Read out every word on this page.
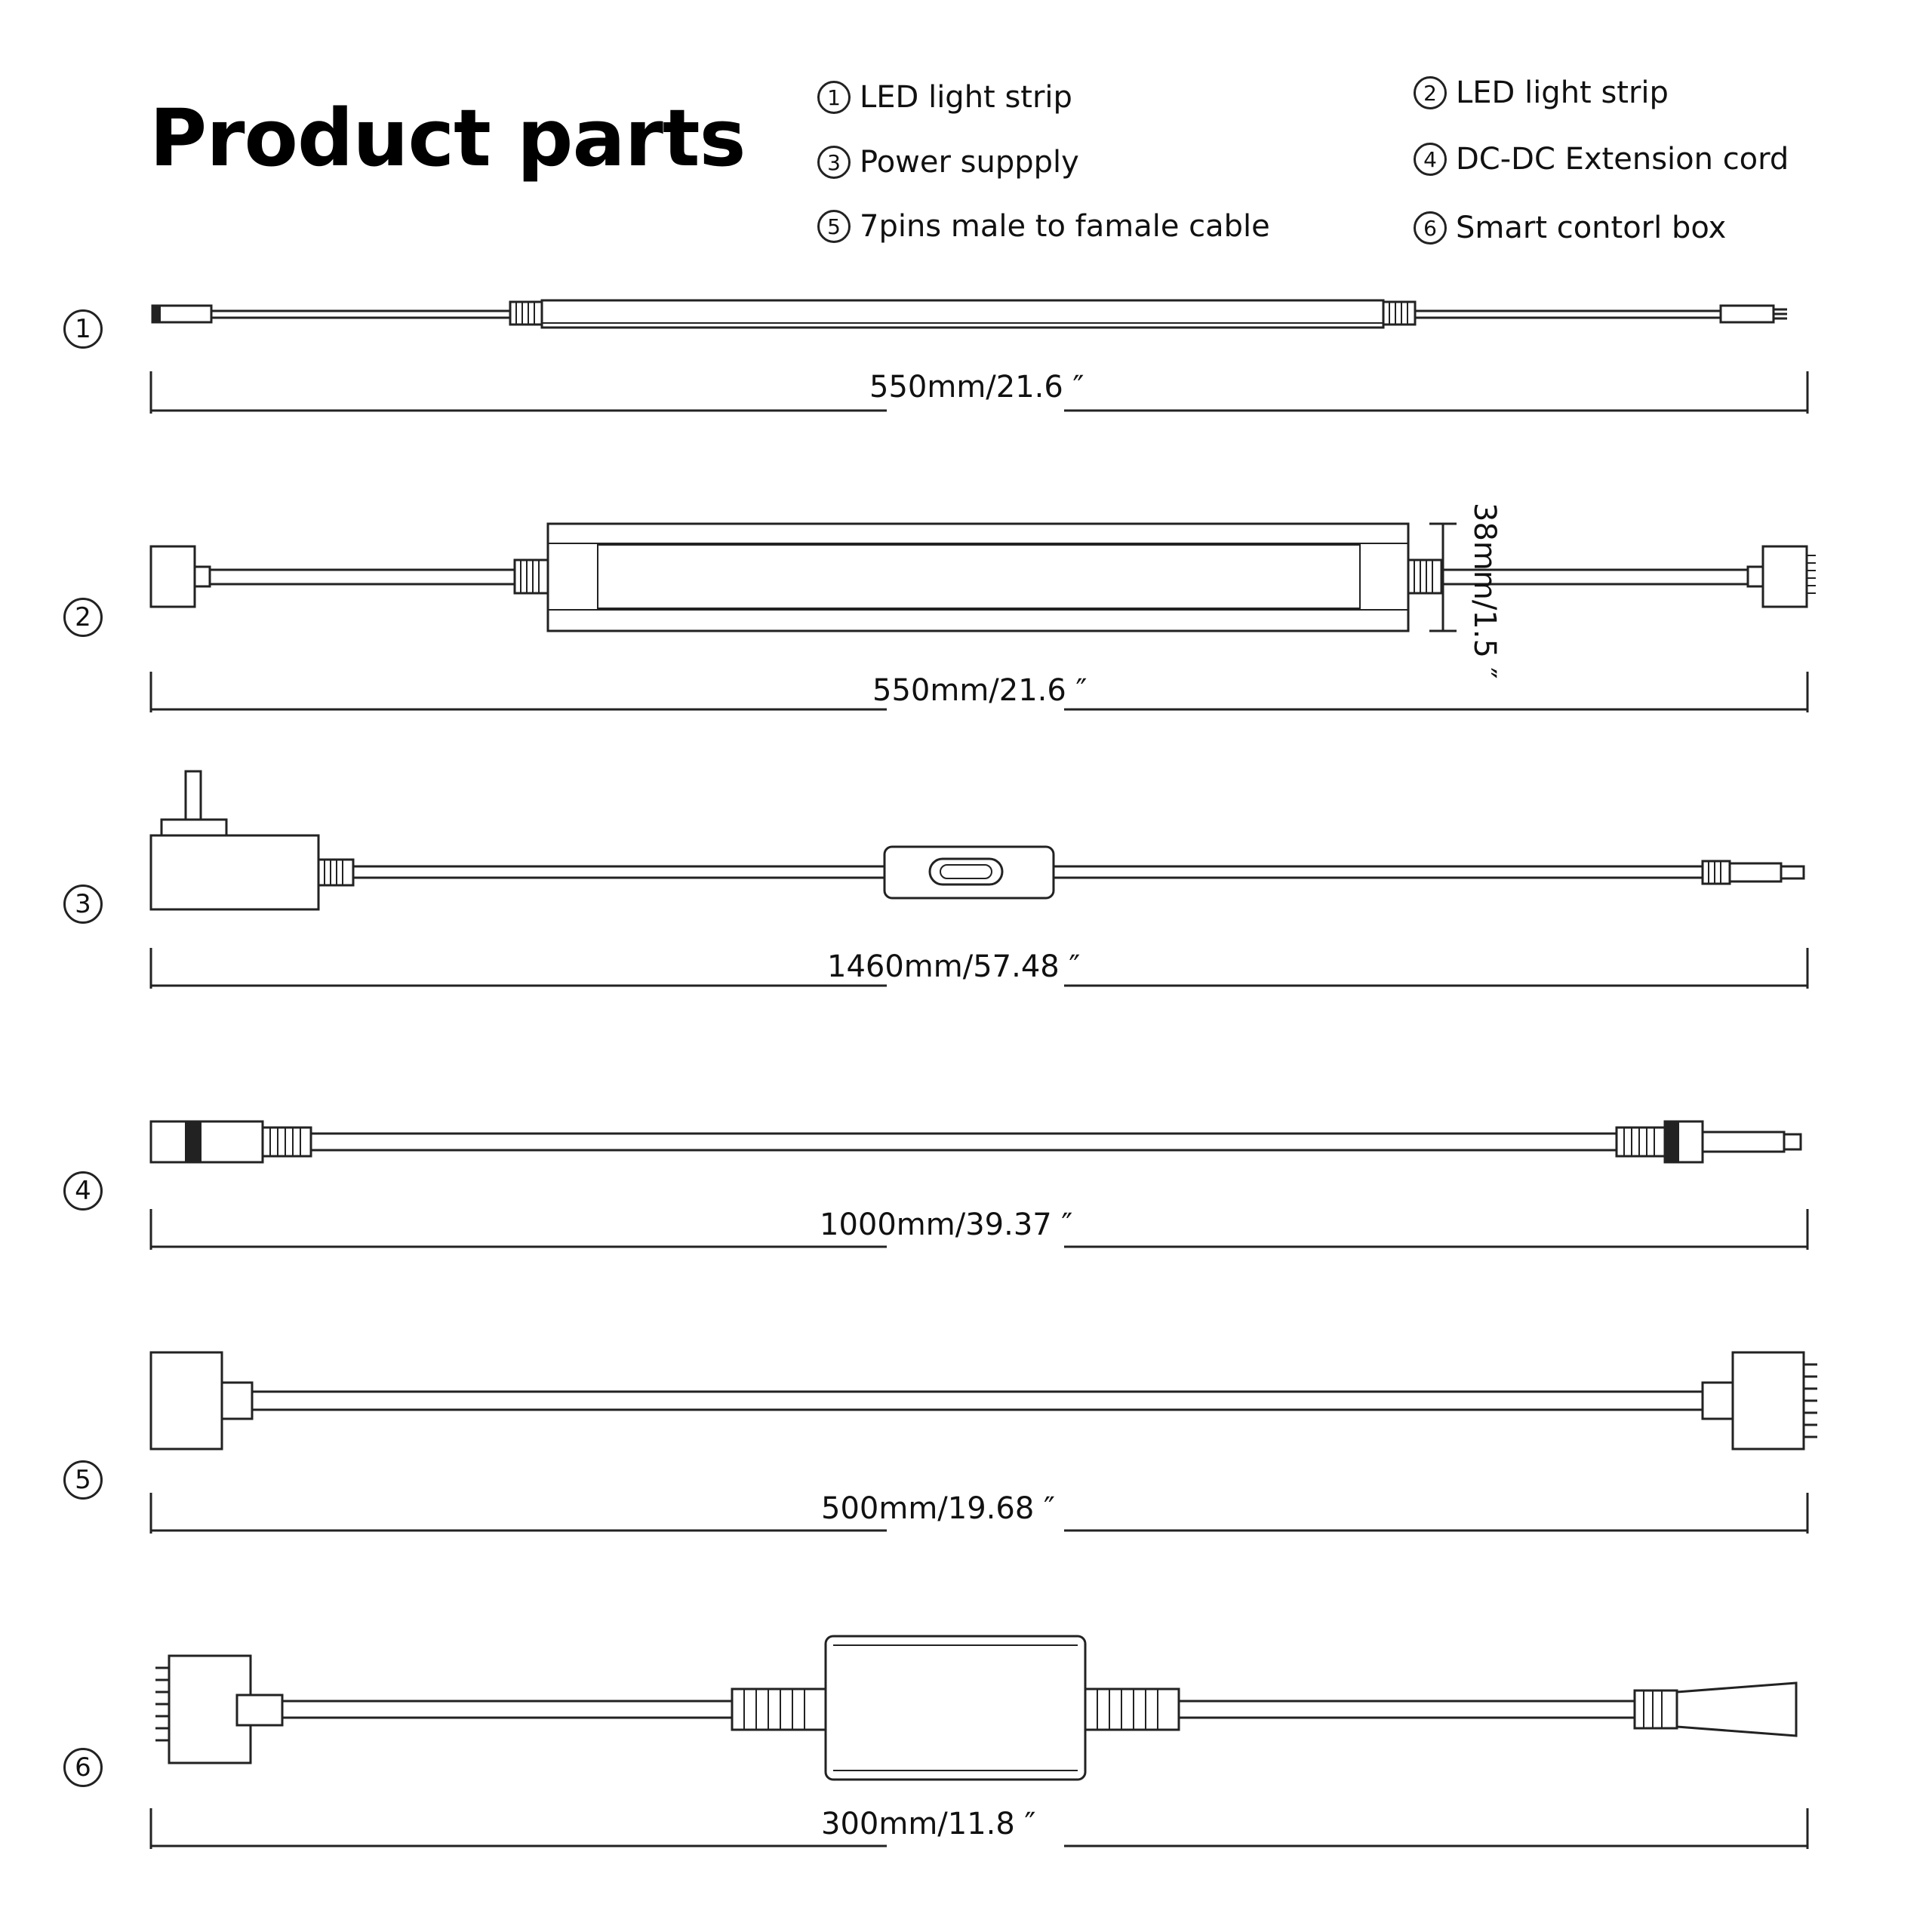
Product parts	1 LED light strip	2 LED light strip
3 Power suppply	4 DC-DC Extension cord
5 7pins male to famale cable	6 Smart contorl box
1
2
3
4
5
6
550mm/21.6 ″
550mm/21.6 ″
38mm/1.5 ″
1460mm/57.48 ″
1000mm/39.37 ″
500mm/19.68 ″
300mm/11.8 ″
